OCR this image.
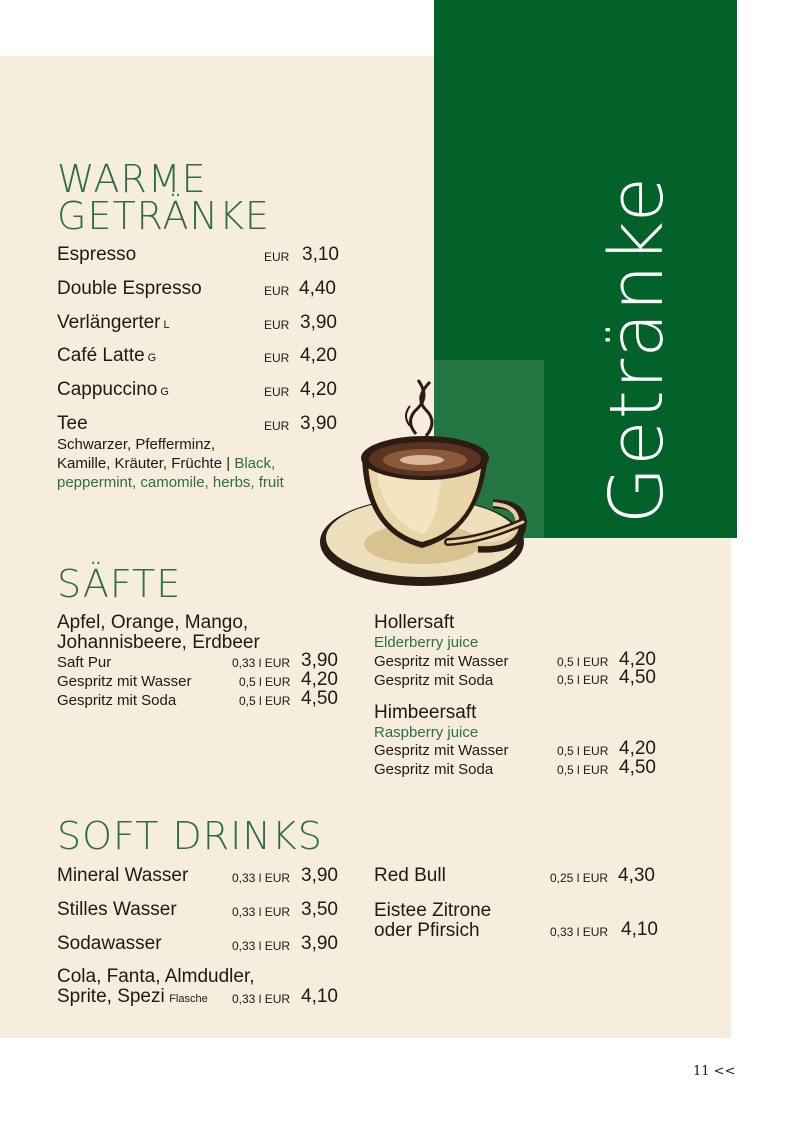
Getränke
WARME
GETRÄNKE
Espresso	EUR 3,10
Double Espresso	EUR 4,40
Verlängerter L	EUR 3,90
Café Latte G	EUR 4,20
Cappuccino G	EUR 4,20
Tee	EUR 3,90
Schwarzer, Pfefferminz,
Kamille, Kräuter, Früchte | Black,
peppermint, camomile, herbs, fruit
SÄFTE
Apfel, Orange, Mango,
Johannisbeere, Erdbeer
Saft Pur	0,33 l EUR 3,90
Gespritz mit Wasser	0,5 l EUR 4,20
Gespritz mit Soda	0,5 l EUR 4,50
Hollersaft
Elderberry juice
Gespritz mit Wasser	0,5 l EUR 4,20
Gespritz mit Soda	0,5 l EUR 4,50
Himbeersaft
Raspberry juice
Gespritz mit Wasser	0,5 l EUR 4,20
Gespritz mit Soda	0,5 l EUR 4,50
SOFT DRINKS
Mineral Wasser	0,33 l EUR 3,90
Stilles Wasser	0,33 l EUR 3,50
Sodawasser	0,33 l EUR 3,90
Cola, Fanta, Almdudler,
Sprite, Spezi Flasche 0,33 l EUR 4,10
Red Bull	0,25 l EUR 4,30
Eistee Zitrone
oder Pfirsich	0,33 l EUR 4,10
11 <<
